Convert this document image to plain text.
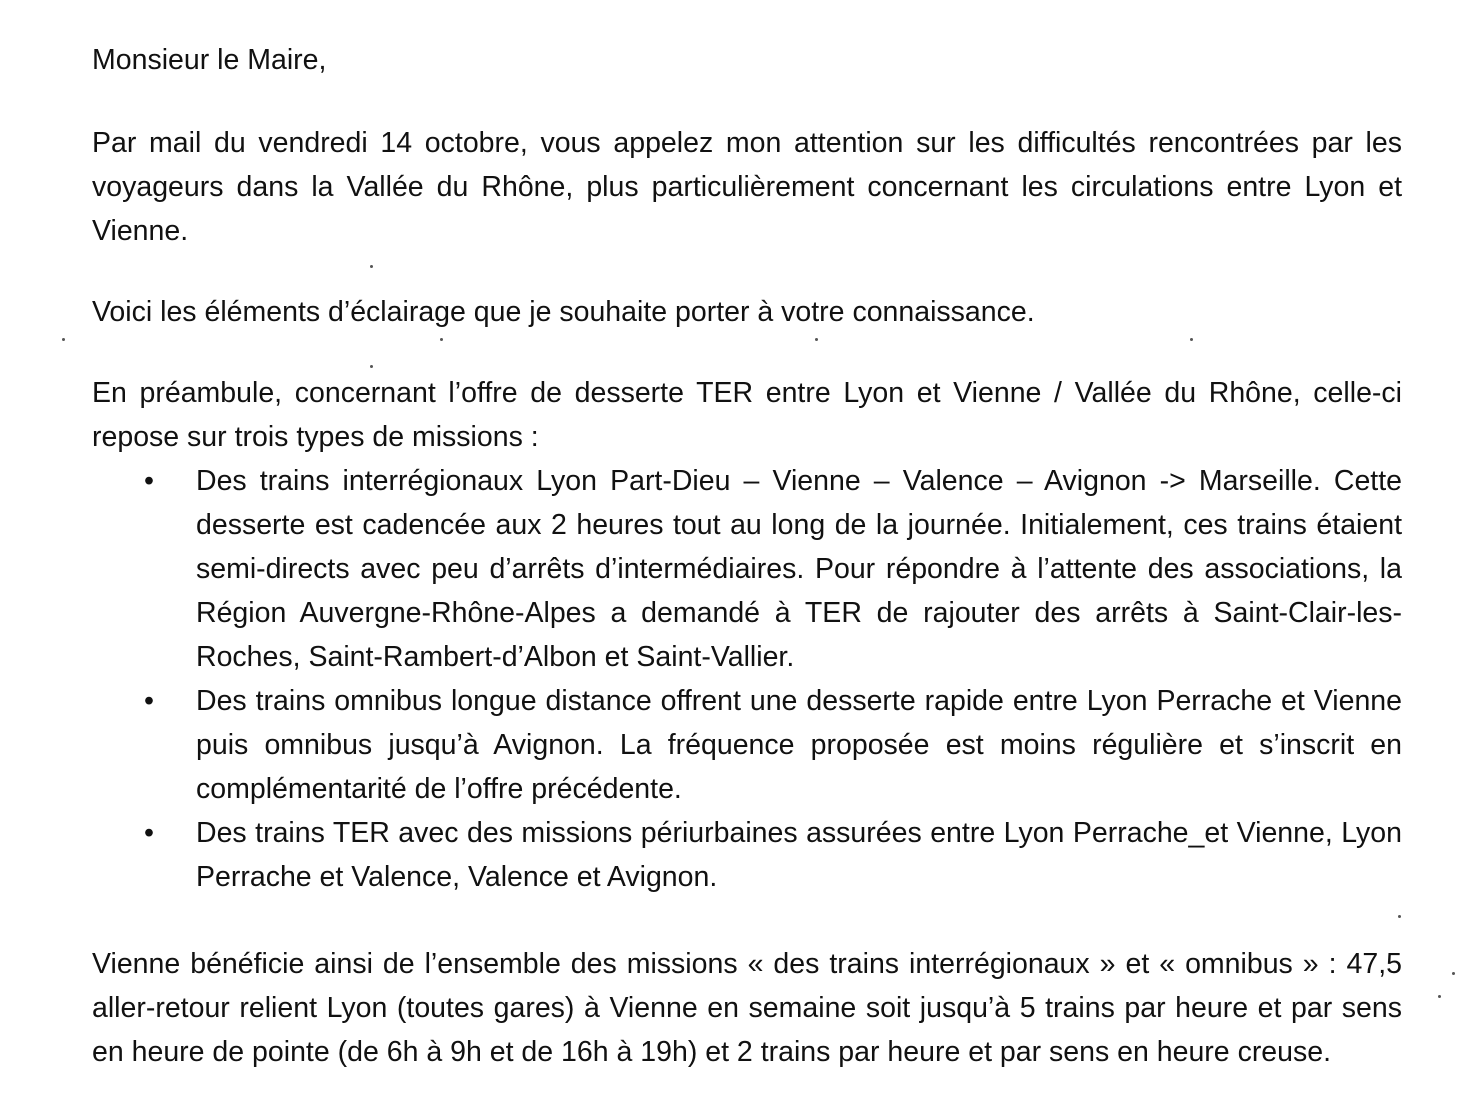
Monsieur le Maire,

Par mail du vendredi 14 octobre, vous appelez mon attention sur les difficultés rencontrées par les voyageurs dans la Vallée du Rhône, plus particulièrement concernant les circulations entre Lyon et Vienne.

Voici les éléments d’éclairage que je souhaite porter à votre connaissance.

En préambule, concernant l’offre de desserte TER entre Lyon et Vienne / Vallée du Rhône, celle-ci repose sur trois types de missions :

•	Des trains interrégionaux Lyon Part-Dieu – Vienne – Valence – Avignon -> Marseille. Cette desserte est cadencée aux 2 heures tout au long de la journée. Initialement, ces trains étaient semi-directs avec peu d’arrêts d’intermédiaires. Pour répondre à l’attente des associations, la Région Auvergne-Rhône-Alpes a demandé à TER de rajouter des arrêts à Saint-Clair-les-Roches, Saint-Rambert-d’Albon et Saint-Vallier.
•	Des trains omnibus longue distance offrent une desserte rapide entre Lyon Perrache et Vienne puis omnibus jusqu’à Avignon. La fréquence proposée est moins régulière et s’inscrit en complémentarité de l’offre précédente.
•	Des trains TER avec des missions périurbaines assurées entre Lyon Perrache_et Vienne, Lyon Perrache et Valence, Valence et Avignon.

Vienne bénéficie ainsi de l’ensemble des missions « des trains interrégionaux » et « omnibus » : 47,5 aller-retour relient Lyon (toutes gares) à Vienne en semaine soit jusqu’à 5 trains par heure et par sens en heure de pointe (de 6h à 9h et de 16h à 19h) et 2 trains par heure et par sens en heure creuse.
